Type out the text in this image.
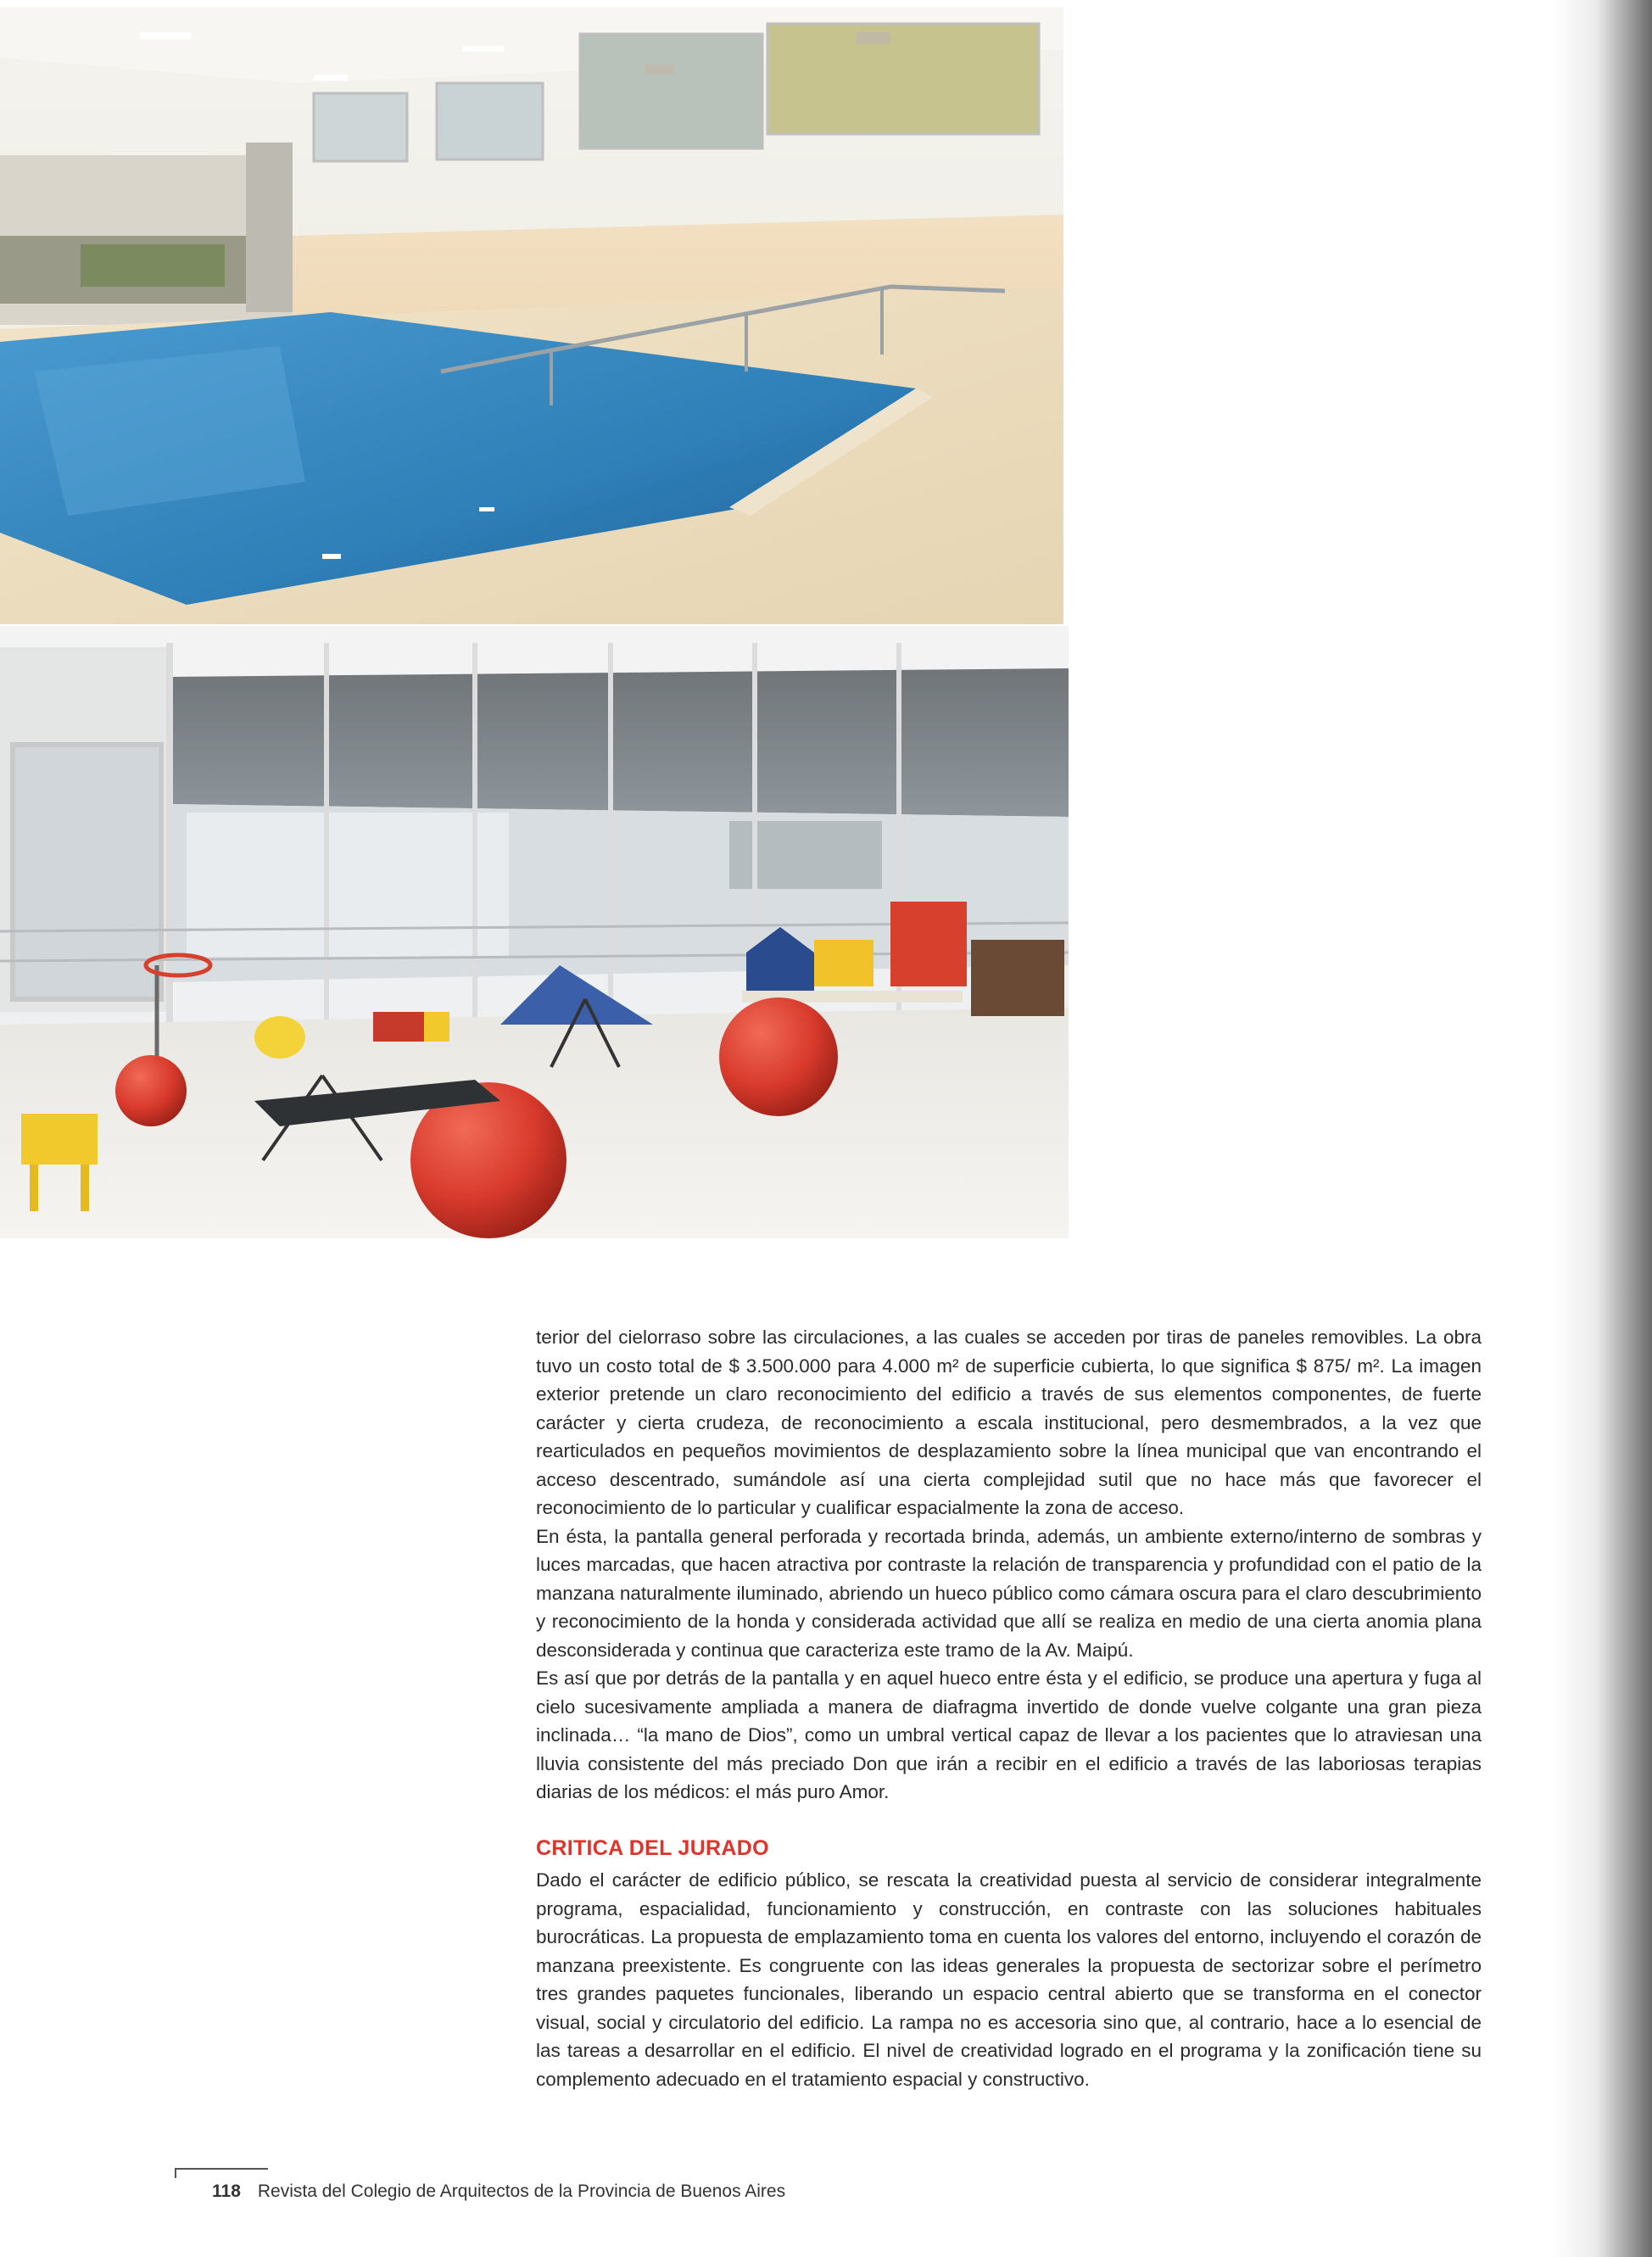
terior del cielorraso sobre las circulaciones, a las cuales se acceden por tiras de paneles removibles. La obra tuvo un costo total de $ 3.500.000 para 4.000 m² de superficie cubierta, lo que significa $ 875/ m². La imagen exterior pretende un claro reconocimiento del edificio a través de sus elementos componentes, de fuerte carácter y cierta crudeza, de reconocimiento a escala institucional, pero desmembrados, a la vez que rearticulados en pequeños movimientos de desplazamiento sobre la línea municipal que van encontrando el acceso descentrado, sumándole así una cierta complejidad sutil que no hace más que favorecer el reconocimiento de lo particular y cualificar espacialmente la zona de acceso.

En ésta, la pantalla general perforada y recortada brinda, además, un ambiente externo/interno de sombras y luces marcadas, que hacen atractiva por contraste la relación de transparencia y profundidad con el patio de la manzana naturalmente iluminado, abriendo un hueco público como cámara oscura para el claro descubrimiento y reconocimiento de la honda y considerada actividad que allí se realiza en medio de una cierta anomia plana desconsiderada y continua que caracteriza este tramo de la Av. Maipú.

Es así que por detrás de la pantalla y en aquel hueco entre ésta y el edificio, se produce una apertura y fuga al cielo sucesivamente ampliada a manera de diafragma invertido de donde vuelve colgante una gran pieza inclinada… “la mano de Dios”, como un umbral vertical capaz de llevar a los pacientes que lo atraviesan una lluvia consistente del más preciado Don que irán a recibir en el edificio a través de las laboriosas terapias diarias de los médicos: el más puro Amor.

CRITICA DEL JURADO

Dado el carácter de edificio público, se rescata la creatividad puesta al servicio de considerar integralmente programa, espacialidad, funcionamiento y construcción, en contraste con las soluciones habituales burocráticas. La propuesta de emplazamiento toma en cuenta los valores del entorno, incluyendo el corazón de manzana preexistente. Es congruente con las ideas generales la propuesta de sectorizar sobre el perímetro tres grandes paquetes funcionales, liberando un espacio central abierto que se transforma en el conector visual, social y circulatorio del edificio. La rampa no es accesoria sino que, al contrario, hace a lo esencial de las tareas a desarrollar en el edificio. El nivel de creatividad logrado en el programa y la zonificación tiene su complemento adecuado en el tratamiento espacial y constructivo.

118 Revista del Colegio de Arquitectos de la Provincia de Buenos Aires
